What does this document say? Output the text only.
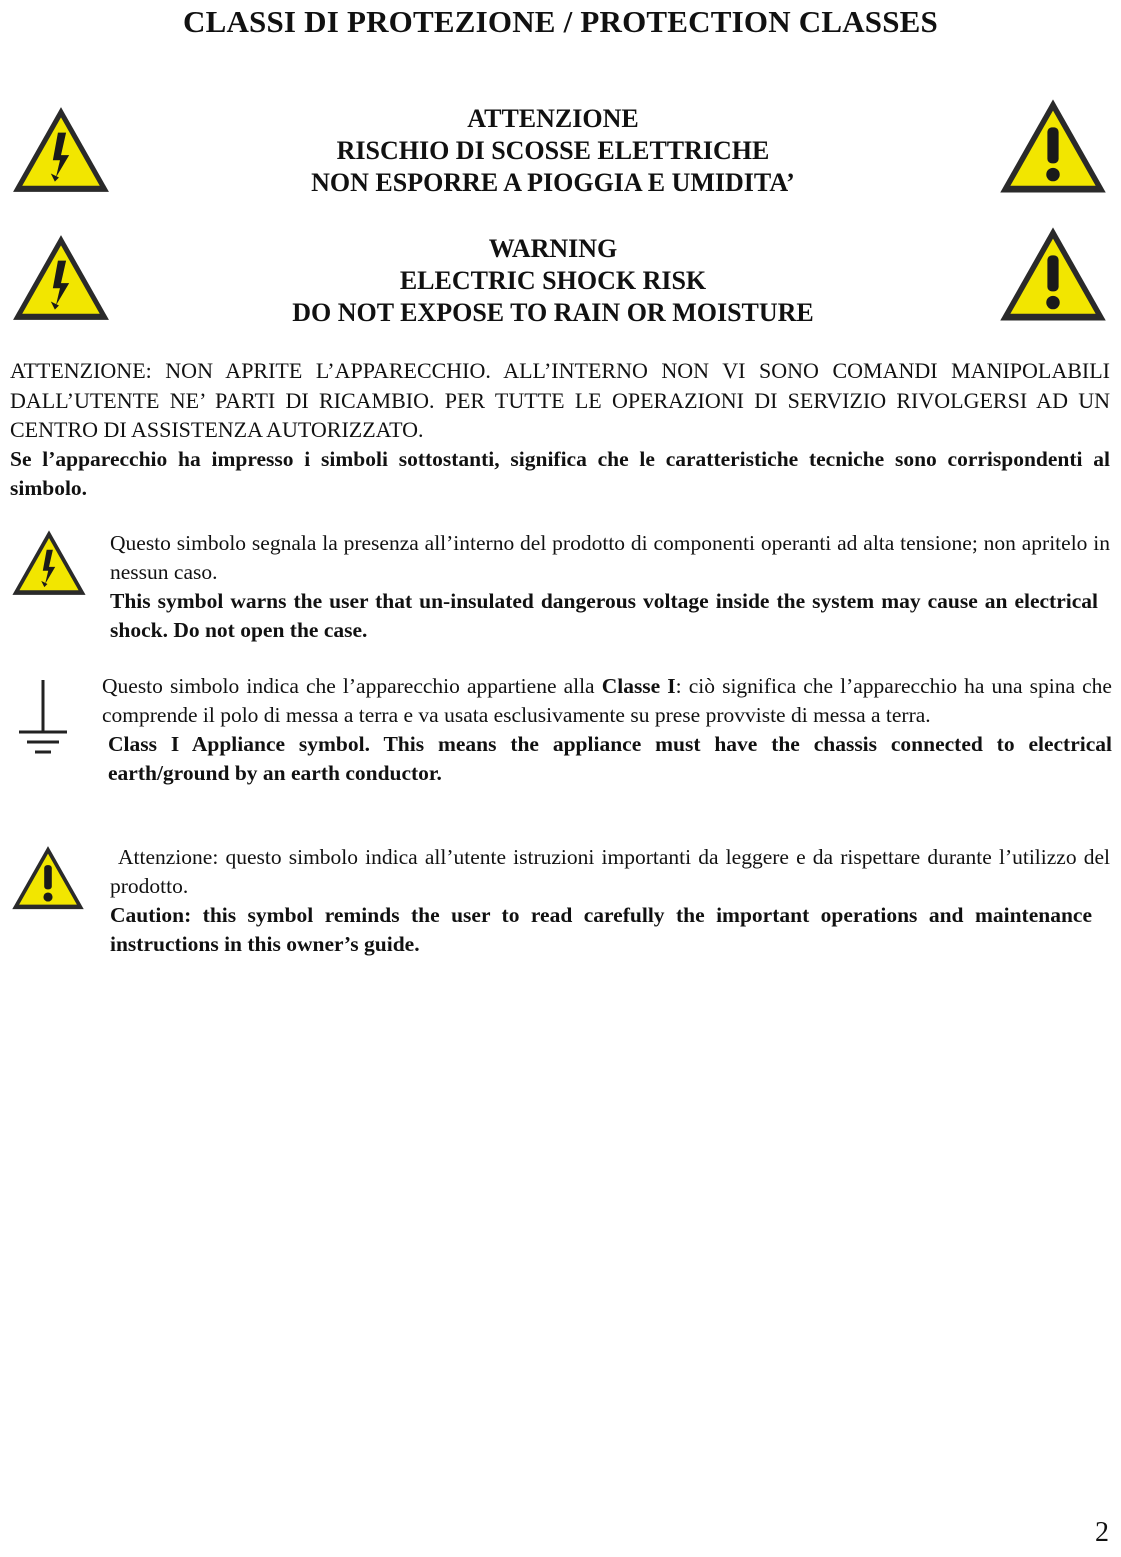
CLASSI DI PROTEZIONE / PROTECTION CLASSES
ATTENZIONE
RISCHIO DI SCOSSE ELETTRICHE
NON ESPORRE A PIOGGIA E UMIDITA’
WARNING
ELECTRIC SHOCK RISK
DO NOT EXPOSE TO RAIN OR MOISTURE
ATTENZIONE: NON APRITE L’APPARECCHIO. ALL’INTERNO NON VI SONO COMANDI MANIPOLABILI DALL’UTENTE NE’ PARTI DI RICAMBIO. PER TUTTE LE OPERAZIONI DI SERVIZIO RIVOLGERSI AD UN CENTRO DI ASSISTENZA AUTORIZZATO.
Se l’apparecchio ha impresso i simboli sottostanti, significa che le caratteristiche tecniche sono corrispondenti al simbolo.
Questo simbolo segnala la presenza all’interno del prodotto di componenti operanti ad alta tensione; non apritelo in nessun caso.
This symbol warns the user that un-insulated dangerous voltage inside the system may cause an electrical shock. Do not open the case.
Questo simbolo indica che l’apparecchio appartiene alla Classe I: ciò significa che l’apparecchio ha una spina che comprende il polo di messa a terra e va usata esclusivamente su prese provviste di messa a terra.
Class I Appliance symbol. This means the appliance must have the chassis connected to electrical earth/ground by an earth conductor.
Attenzione: questo simbolo indica all’utente istruzioni importanti da leggere e da rispettare durante l’utilizzo del prodotto.
Caution: this symbol reminds the user to read carefully the important operations and maintenance instructions in this owner’s guide.
2
